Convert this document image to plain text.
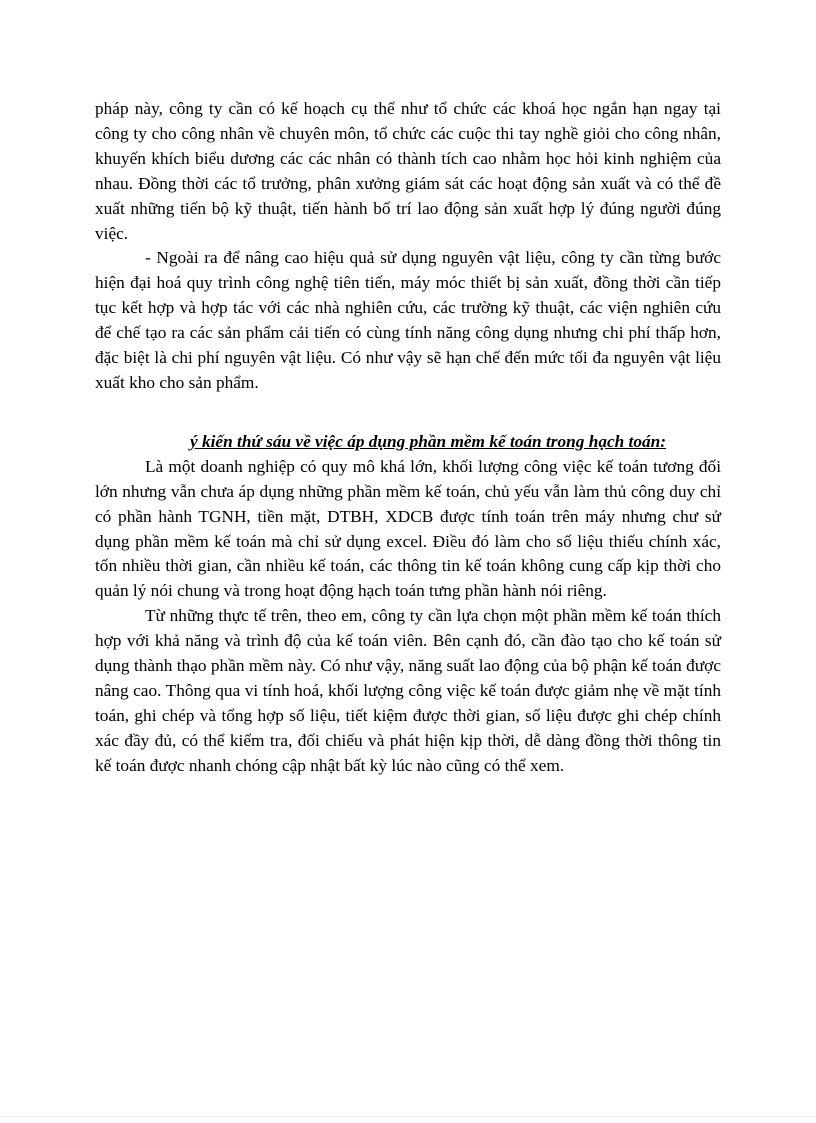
pháp này, công ty cần có kế hoạch cụ thể như tổ chức các khoá học ngắn hạn ngay tại công ty cho công nhân về chuyên môn, tổ chức các cuộc thi tay nghề giỏi cho công nhân, khuyến khích biểu dương các các nhân có thành tích cao nhằm học hỏi kinh nghiệm của nhau. Đồng thời các tổ trưởng, phân xưởng giám sát các hoạt động sản xuất và có thể đề xuất những tiến bộ kỹ thuật, tiến hành bố trí lao động sản xuất hợp lý đúng người đúng việc.

- Ngoài ra để nâng cao hiệu quả sử dụng nguyên vật liệu, công ty cần từng bước hiện đại hoá quy trình công nghệ tiên tiến, máy móc thiết bị sản xuất, đồng thời cần tiếp tục kết hợp và hợp tác với các nhà nghiên cứu, các trường kỹ thuật, các viện nghiên cứu để chế tạo ra các sản phẩm cải tiến có cùng tính năng công dụng nhưng chi phí thấp hơn, đặc biệt là chi phí nguyên vật liệu. Có như vậy sẽ hạn chế đến mức tối đa nguyên vật liệu xuất kho cho sản phẩm.

ý kiến thứ sáu về việc áp dụng phần mềm kế toán trong hạch toán:

Là một doanh nghiệp có quy mô khá lớn, khối lượng công việc kế toán tương đối lớn nhưng vẫn chưa áp dụng những phần mềm kế toán, chủ yếu vẫn làm thủ công duy chỉ có phần hành TGNH, tiền mặt, DTBH, XDCB được tính toán trên máy nhưng chư sử dụng phần mềm kế toán mà chỉ sử dụng excel. Điều đó làm cho số liệu thiếu chính xác, tốn nhiều thời gian, cần nhiều kế toán, các thông tin kế toán không cung cấp kịp thời cho quản lý nói chung và trong hoạt động hạch toán tưng phần hành nói riêng.

Từ những thực tế trên, theo em, công ty cần lựa chọn một phần mềm kế toán thích hợp với khả năng và trình độ của kế toán viên. Bên cạnh đó, cần đào tạo cho kế toán sử dụng thành thạo phần mềm này. Có như vậy, năng suất lao động của bộ phận kế toán được nâng cao. Thông qua vi tính hoá, khối lượng công việc kế toán được giảm nhẹ về mặt tính toán, ghi chép và tổng hợp số liệu, tiết kiệm được thời gian, số liệu được ghi chép chính xác đầy đủ, có thể kiểm tra, đối chiếu và phát hiện kịp thời, dễ dàng đồng thời thông tin kế toán được nhanh chóng cập nhật bất kỳ lúc nào cũng có thể xem.
